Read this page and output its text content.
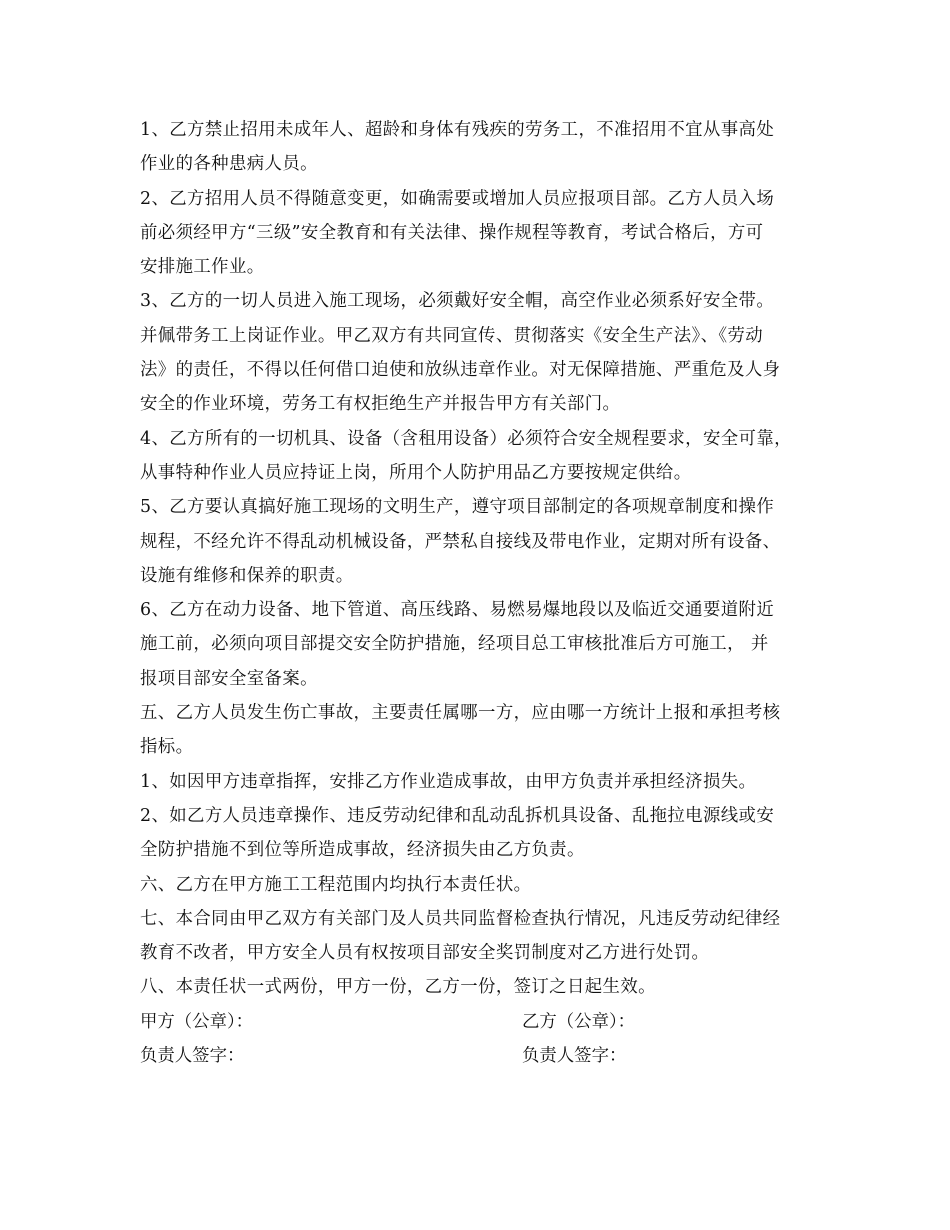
1、乙方禁止招用未成年人、超龄和身体有残疾的劳务工，不准招用不宜从事高处
作业的各种患病人员。
2、乙方招用人员不得随意变更，如确需要或增加人员应报项目部。乙方人员入场
前必须经甲方“三级”安全教育和有关法律、操作规程等教育，考试合格后，方可
安排施工作业。
3、乙方的一切人员进入施工现场，必须戴好安全帽，高空作业必须系好安全带。
并佩带务工上岗证作业。甲乙双方有共同宣传、贯彻落实《安全生产法》、《劳动
法》的责任，不得以任何借口迫使和放纵违章作业。对无保障措施、严重危及人身
安全的作业环境，劳务工有权拒绝生产并报告甲方有关部门。
4、乙方所有的一切机具、设备（含租用设备）必须符合安全规程要求，安全可靠，
从事特种作业人员应持证上岗，所用个人防护用品乙方要按规定供给。
5、乙方要认真搞好施工现场的文明生产，遵守项目部制定的各项规章制度和操作
规程，不经允许不得乱动机械设备，严禁私自接线及带电作业，定期对所有设备、
设施有维修和保养的职责。
6、乙方在动力设备、地下管道、高压线路、易燃易爆地段以及临近交通要道附近
施工前，必须向项目部提交安全防护措施，经项目总工审核批准后方可施工， 并
报项目部安全室备案。
五、乙方人员发生伤亡事故，主要责任属哪一方，应由哪一方统计上报和承担考核
指标。
1、如因甲方违章指挥，安排乙方作业造成事故，由甲方负责并承担经济损失。
2、如乙方人员违章操作、违反劳动纪律和乱动乱拆机具设备、乱拖拉电源线或安
全防护措施不到位等所造成事故，经济损失由乙方负责。
六、乙方在甲方施工工程范围内均执行本责任状。
七、本合同由甲乙双方有关部门及人员共同监督检查执行情况，凡违反劳动纪律经
教育不改者，甲方安全人员有权按项目部安全奖罚制度对乙方进行处罚。
八、本责任状一式两份，甲方一份，乙方一份，签订之日起生效。
甲方（公章）：	乙方（公章）：
负责人签字：	负责人签字：
